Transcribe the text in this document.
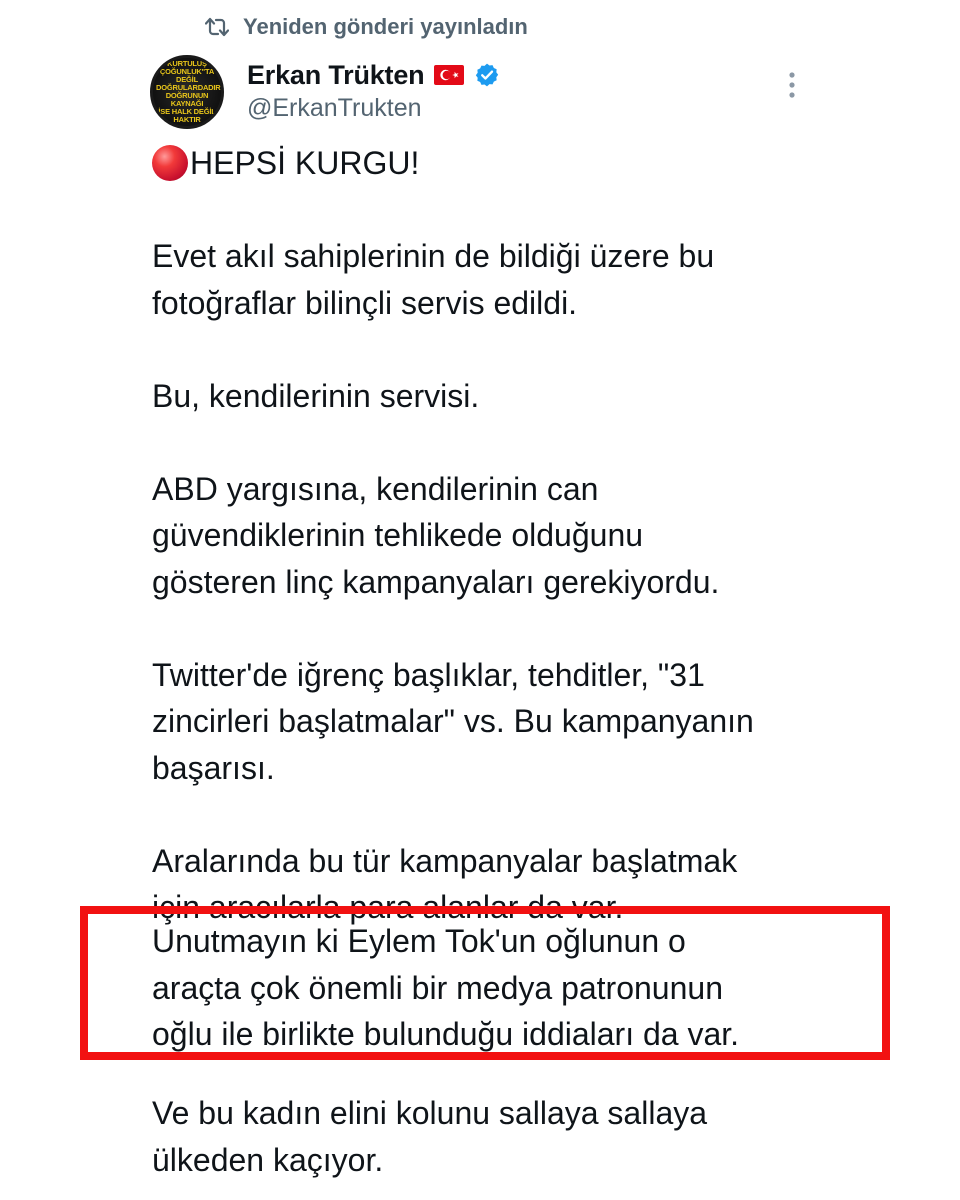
Yeniden gönderi yayınladın
KURTULUŞ
ÇOĞUNLUK"TA DEĞİL
DOĞRULARDADIR
DOĞRUNUN KAYNAĞI
İSE HALK DEĞİL
HAKTIR
Erkan Trükten
@ErkanTrukten
HEPSİ KURGU!
Evet akıl sahiplerinin de bildiği üzere bu
fotoğraflar bilinçli servis edildi.
Bu, kendilerinin servisi.
ABD yargısına, kendilerinin can
güvendiklerinin tehlikede olduğunu
gösteren linç kampanyaları gerekiyordu.
Twitter'de iğrenç başlıklar, tehditler, "31
zincirleri başlatmalar" vs. Bu kampanyanın
başarısı.
Aralarında bu tür kampanyalar başlatmak
için aracılarla para alanlar da var.
Unutmayın ki Eylem Tok'un oğlunun o
araçta çok önemli bir medya patronunun
oğlu ile birlikte bulunduğu iddiaları da var.
Ve bu kadın elini kolunu sallaya sallaya
ülkeden kaçıyor.
